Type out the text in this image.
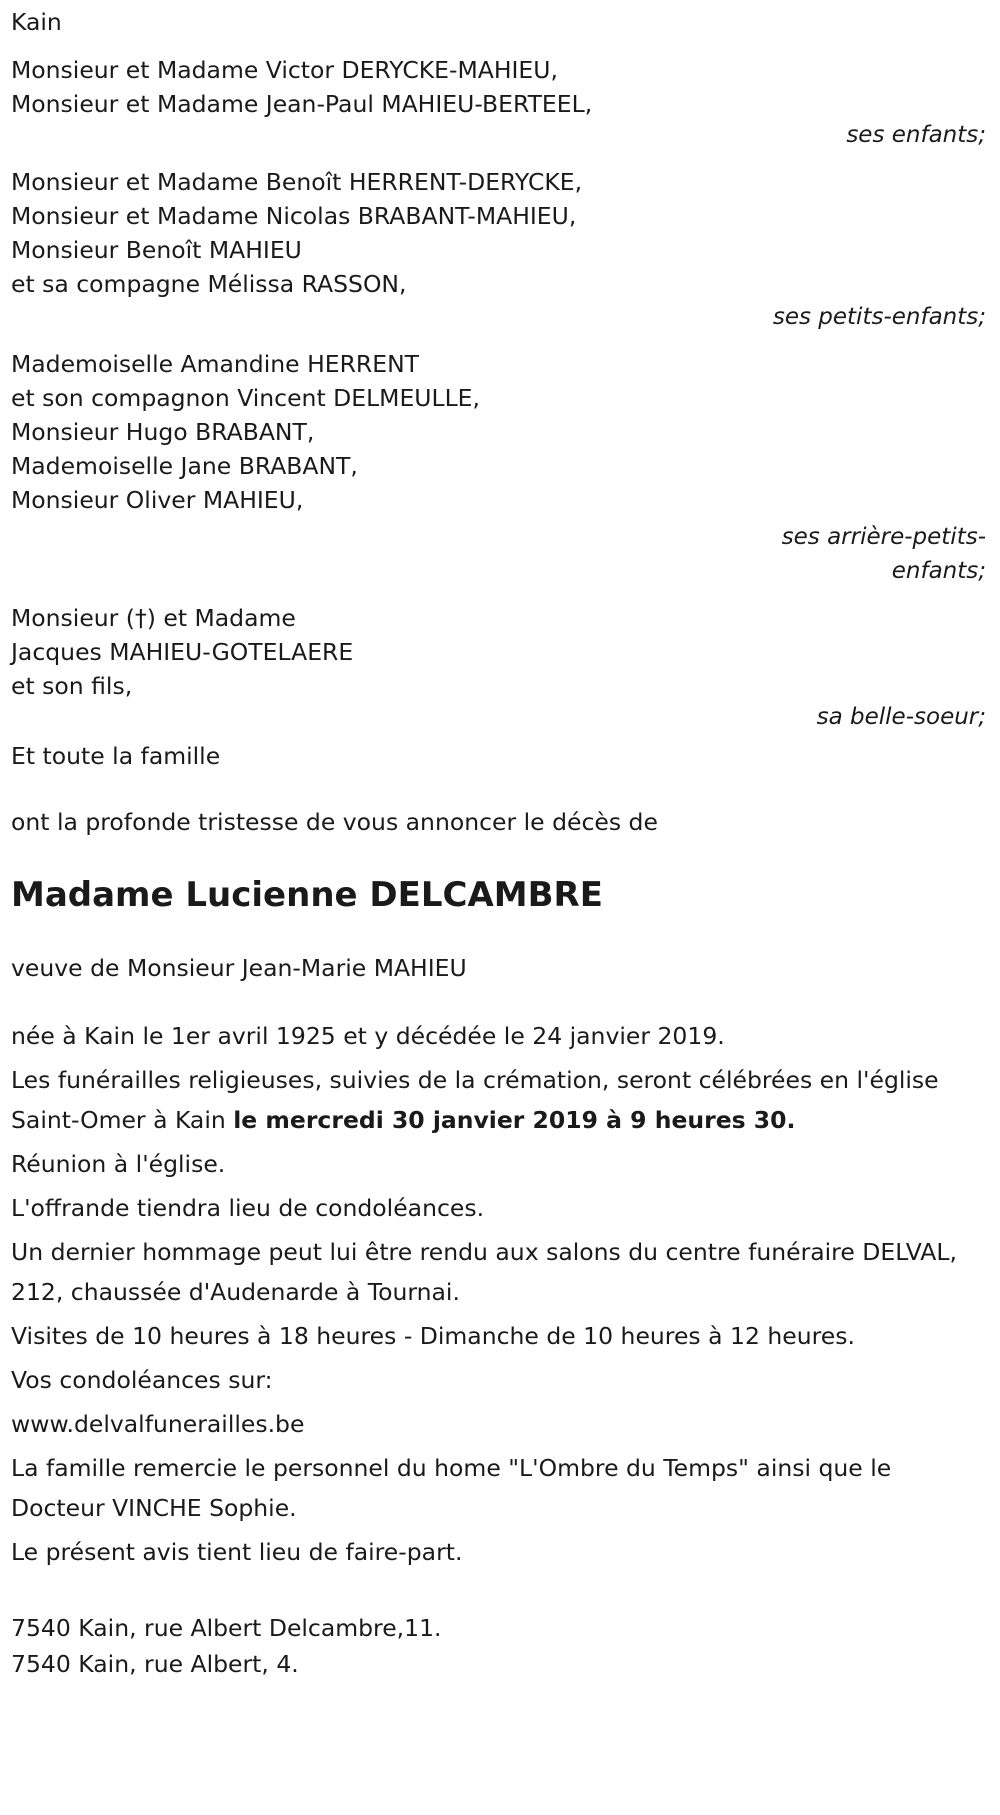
Kain
Monsieur et Madame Victor DERYCKE-MAHIEU,
Monsieur et Madame Jean-Paul MAHIEU-BERTEEL,
ses enfants;
Monsieur et Madame Benoît HERRENT-DERYCKE,
Monsieur et Madame Nicolas BRABANT-MAHIEU,
Monsieur Benoît MAHIEU
et sa compagne Mélissa RASSON,
ses petits-enfants;
Mademoiselle Amandine HERRENT
et son compagnon Vincent DELMEULLE,
Monsieur Hugo BRABANT,
Mademoiselle Jane BRABANT,
Monsieur Oliver MAHIEU,
ses arrière-petits-
enfants;
Monsieur (†) et Madame
Jacques MAHIEU-GOTELAERE
et son fils,
sa belle-soeur;
Et toute la famille
ont la profonde tristesse de vous annoncer le décès de
Madame Lucienne DELCAMBRE
veuve de Monsieur Jean-Marie MAHIEU
née à Kain le 1er avril 1925 et y décédée le 24 janvier 2019.
Les funérailles religieuses, suivies de la crémation, seront célébrées en l'église Saint-Omer à Kain le mercredi 30 janvier 2019 à 9 heures 30.
Réunion à l'église.
L'offrande tiendra lieu de condoléances.
Un dernier hommage peut lui être rendu aux salons du centre funéraire DELVAL, 212, chaussée d'Audenarde à Tournai.
Visites de 10 heures à 18 heures - Dimanche de 10 heures à 12 heures.
Vos condoléances sur:
www.delvalfunerailles.be
La famille remercie le personnel du home "L'Ombre du Temps" ainsi que le Docteur VINCHE Sophie.
Le présent avis tient lieu de faire-part.
7540 Kain, rue Albert Delcambre,11.
7540 Kain, rue Albert, 4.
